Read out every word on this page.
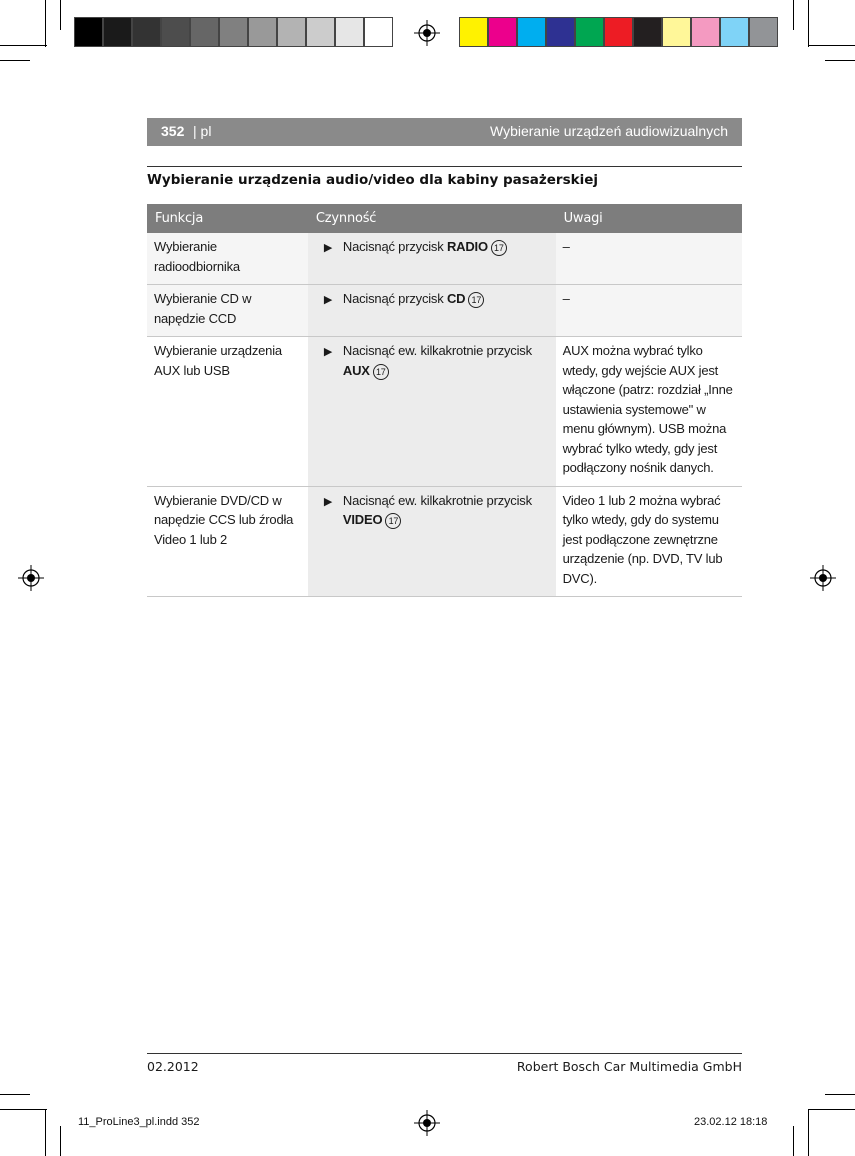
352 | pl	Wybieranie urządzeń audiowizualnych
Wybieranie urządzenia audio/video dla kabiny pasażerskiej
Funkcja	Czynność	Uwagi
Wybieranie radioodbiornika	▶ Nacisnąć przycisk RADIO 17	–
Wybieranie CD w napędzie CCD	▶ Nacisnąć przycisk CD 17	–
Wybieranie urządzenia AUX lub USB	▶ Nacisnąć ew. kilkakrotnie przycisk AUX 17	AUX można wybrać tylko wtedy, gdy wejście AUX jest włączone (patrz: rozdział „Inne ustawienia systemowe" w menu głównym). USB można wybrać tylko wtedy, gdy jest podłączony nośnik danych.
Wybieranie DVD/CD w napędzie CCS lub źrodła Video 1 lub 2	▶ Nacisnąć ew. kilkakrotnie przycisk VIDEO 17	Video 1 lub 2 można wybrać tylko wtedy, gdy do systemu jest podłączone zewnętrzne urządzenie (np. DVD, TV lub DVC).
02.2012	Robert Bosch Car Multimedia GmbH
11_ProLine3_pl.indd 352	23.02.12 18:18
